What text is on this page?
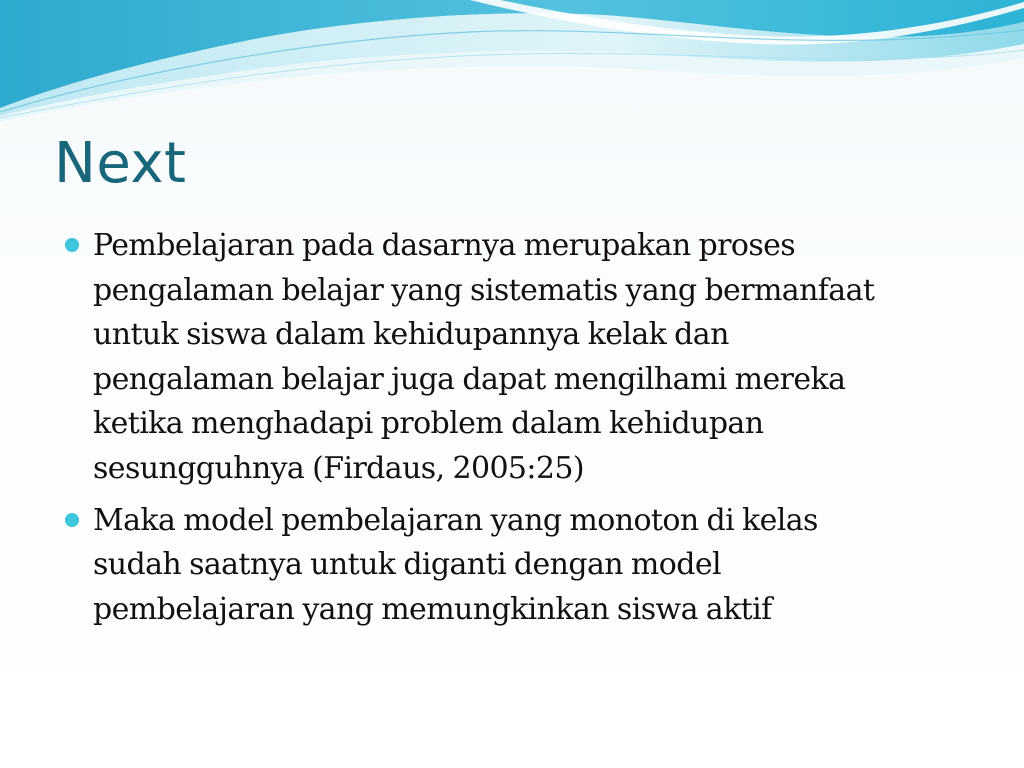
Next
Pembelajaran pada dasarnya merupakan proses
pengalaman belajar yang sistematis yang bermanfaat
untuk siswa dalam kehidupannya kelak dan
pengalaman belajar juga dapat mengilhami mereka
ketika menghadapi problem dalam kehidupan
sesungguhnya (Firdaus, 2005:25)
Maka model pembelajaran yang monoton di kelas
sudah saatnya untuk diganti dengan model
pembelajaran yang memungkinkan siswa aktif
